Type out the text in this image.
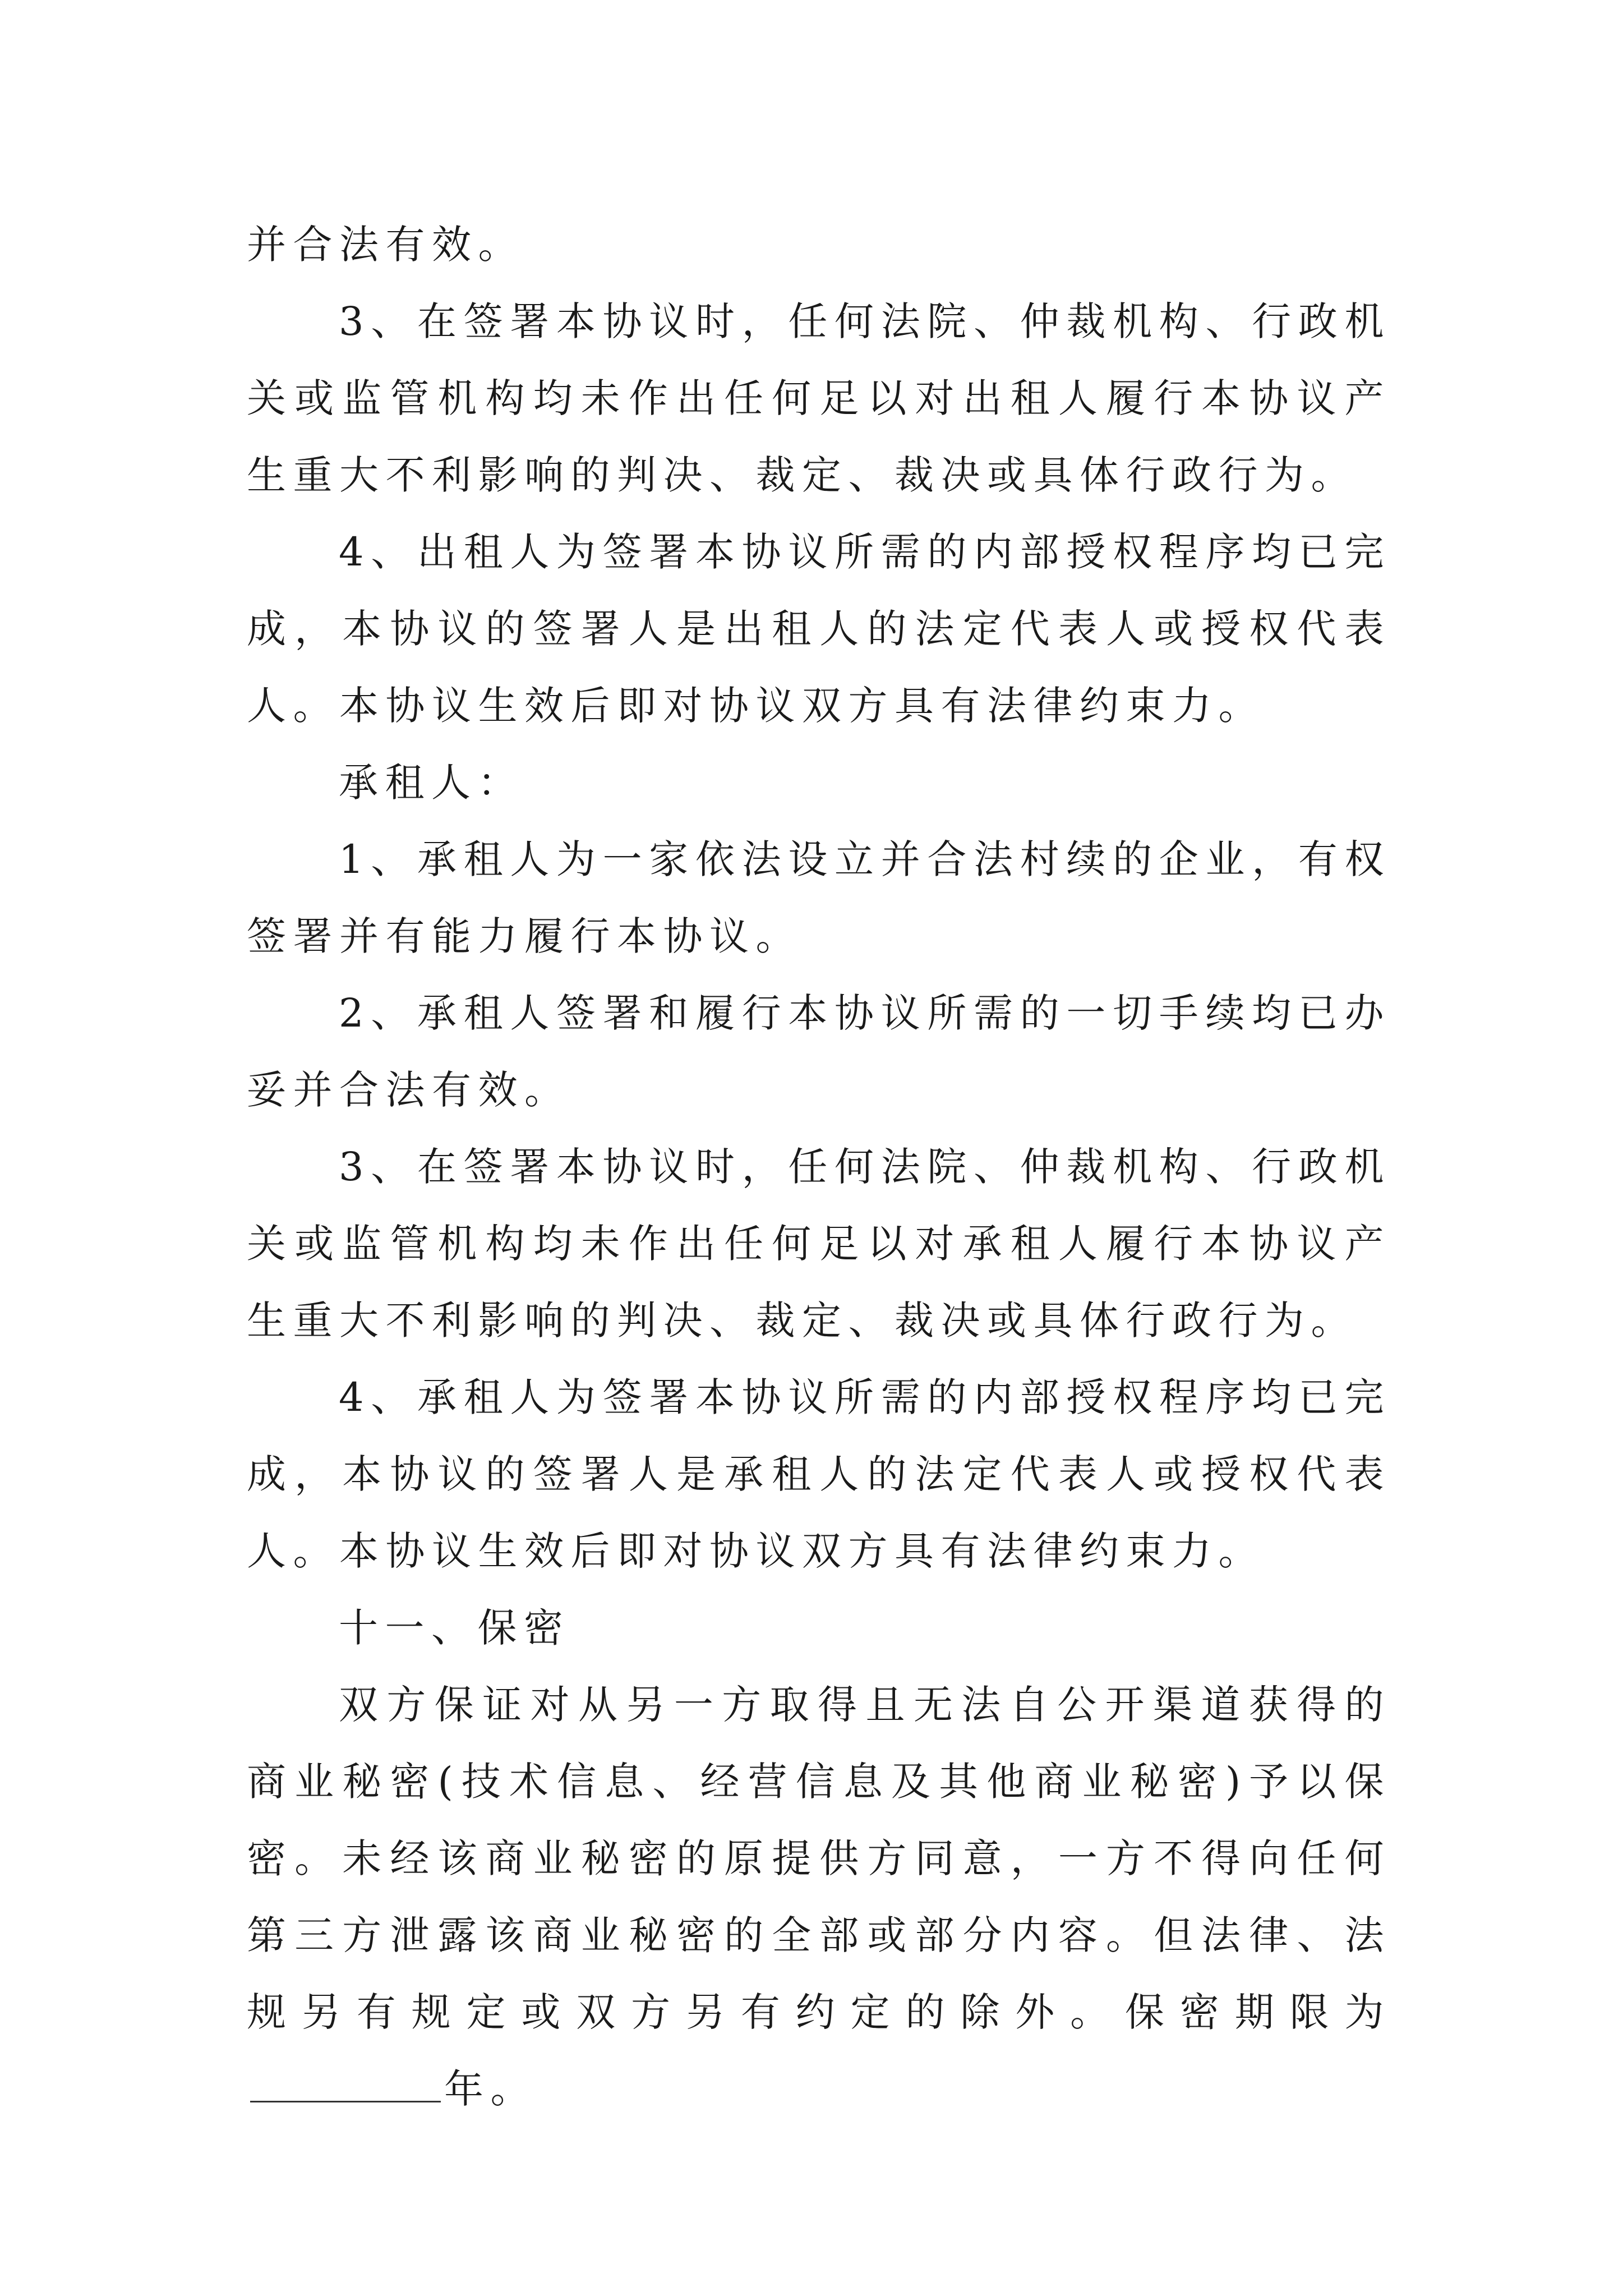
并合法有效。

3、在签署本协议时，任何法院、仲裁机构、行政机关或监管机构均未作出任何足以对出租人履行本协议产生重大不利影响的判决、裁定、裁决或具体行政行为。

4、出租人为签署本协议所需的内部授权程序均已完成，本协议的签署人是出租人的法定代表人或授权代表人。本协议生效后即对协议双方具有法律约束力。

承租人：

1、承租人为一家依法设立并合法村续的企业，有权签署并有能力履行本协议。

2、承租人签署和履行本协议所需的一切手续均已办妥并合法有效。

3、在签署本协议时，任何法院、仲裁机构、行政机关或监管机构均未作出任何足以对承租人履行本协议产生重大不利影响的判决、裁定、裁决或具体行政行为。

4、承租人为签署本协议所需的内部授权程序均已完成，本协议的签署人是承租人的法定代表人或授权代表人。本协议生效后即对协议双方具有法律约束力。

十一、保密

双方保证对从另一方取得且无法自公开渠道获得的商业秘密(技术信息、经营信息及其他商业秘密)予以保密。未经该商业秘密的原提供方同意，一方不得向任何第三方泄露该商业秘密的全部或部分内容。但法律、法规另有规定或双方另有约定的除外。保密期限为年。
